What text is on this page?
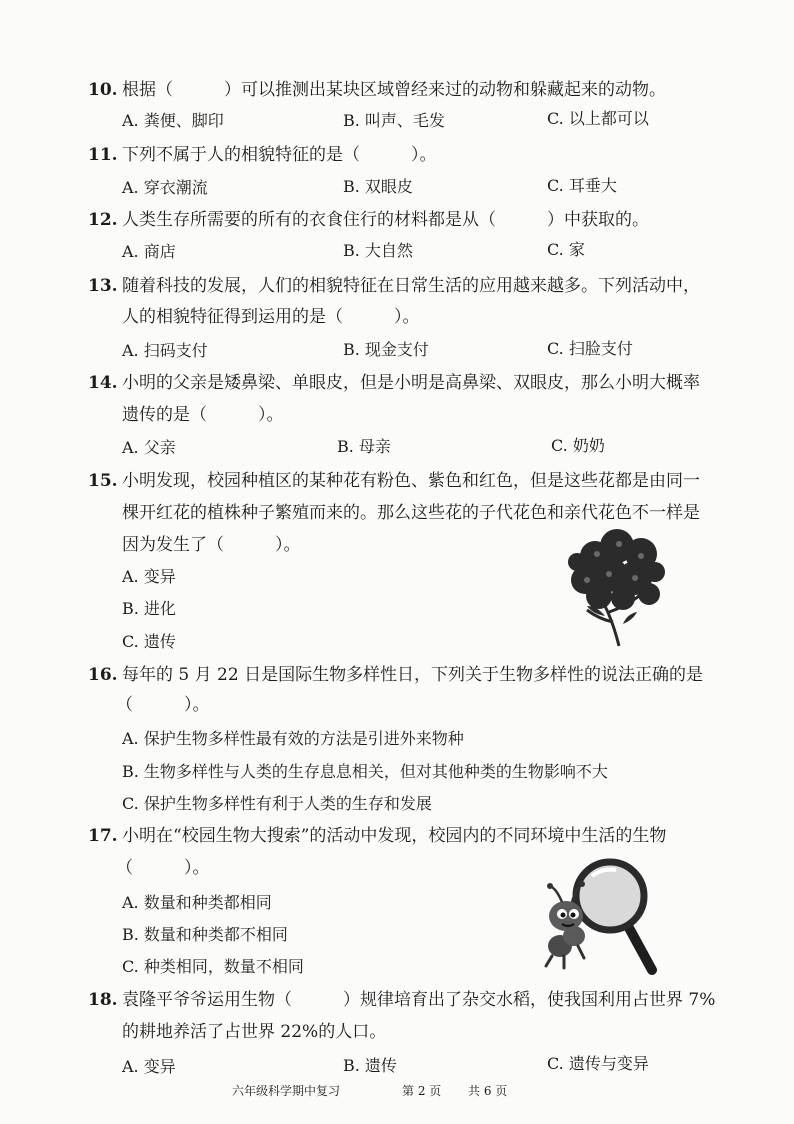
10. 根据（　　　）可以推测出某块区域曾经来过的动物和躲藏起来的动物。
A. 粪便、脚印	B. 叫声、毛发	C. 以上都可以
11. 下列不属于人的相貌特征的是（　　　）。
A. 穿衣潮流	B. 双眼皮	C. 耳垂大
12. 人类生存所需要的所有的衣食住行的材料都是从（　　　）中获取的。
A. 商店	B. 大自然	C. 家
13. 随着科技的发展，人们的相貌特征在日常生活的应用越来越多。下列活动中，
人的相貌特征得到运用的是（　　　）。
A. 扫码支付	B. 现金支付	C. 扫脸支付
14. 小明的父亲是矮鼻梁、单眼皮，但是小明是高鼻梁、双眼皮，那么小明大概率
遗传的是（　　　）。
A. 父亲	B. 母亲	C. 奶奶
15. 小明发现，校园种植区的某种花有粉色、紫色和红色，但是这些花都是由同一
棵开红花的植株种子繁殖而来的。那么这些花的子代花色和亲代花色不一样是
因为发生了（　　　）。
A. 变异
B. 进化
C. 遗传
16. 每年的 5 月 22 日是国际生物多样性日，下列关于生物多样性的说法正确的是
（　　　）。
A. 保护生物多样性最有效的方法是引进外来物种
B. 生物多样性与人类的生存息息相关，但对其他种类的生物影响不大
C. 保护生物多样性有利于人类的生存和发展
17. 小明在“校园生物大搜索”的活动中发现，校园内的不同环境中生活的生物
（　　　）。
A. 数量和种类都相同
B. 数量和种类都不相同
C. 种类相同，数量不相同
18. 袁隆平爷爷运用生物（　　　）规律培育出了杂交水稻，使我国利用占世界 7%
的耕地养活了占世界 22%的人口。
A. 变异	B. 遗传	C. 遗传与变异
六年级科学期中复习	第 2 页 共 6 页
